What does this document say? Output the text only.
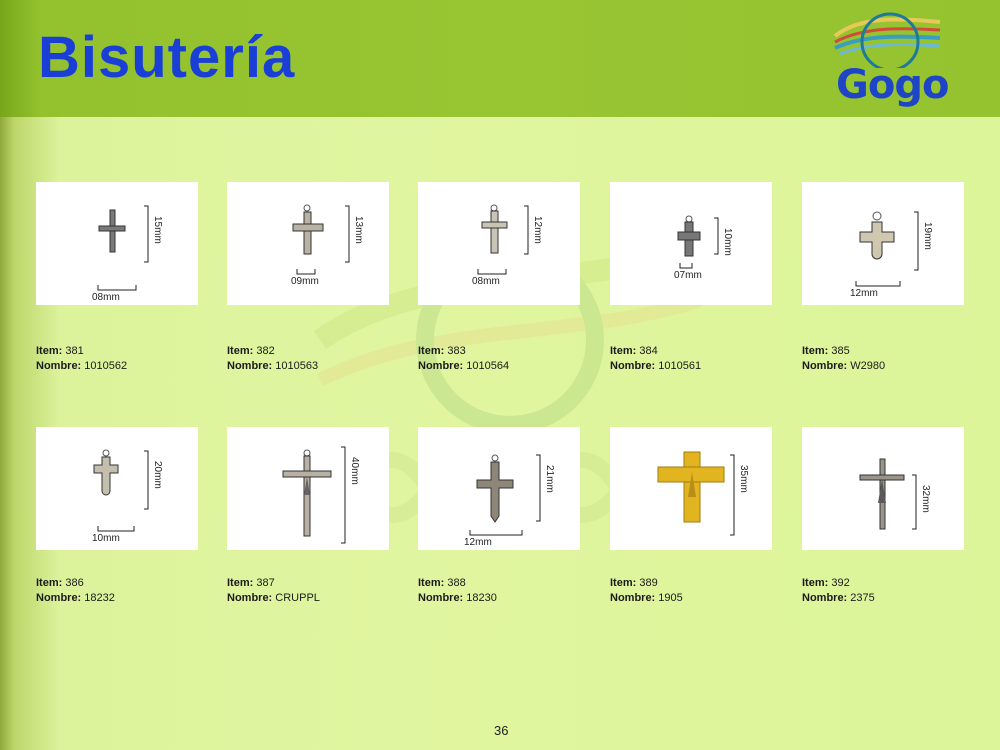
Bisutería	Gogo
15mm
08mm
Item: 381
Nombre: 1010562
13mm
09mm
Item: 382
Nombre: 1010563
12mm
08mm
Item: 383
Nombre: 1010564
10mm
07mm
Item: 384
Nombre: 1010561
19mm
12mm
Item: 385
Nombre: W2980
20mm
10mm
Item: 386
Nombre: 18232
40mm
Item: 387
Nombre: CRUPPL
21mm
12mm
Item: 388
Nombre: 18230
35mm
Item: 389
Nombre: 1905
32mm
Item: 392
Nombre: 2375
36
